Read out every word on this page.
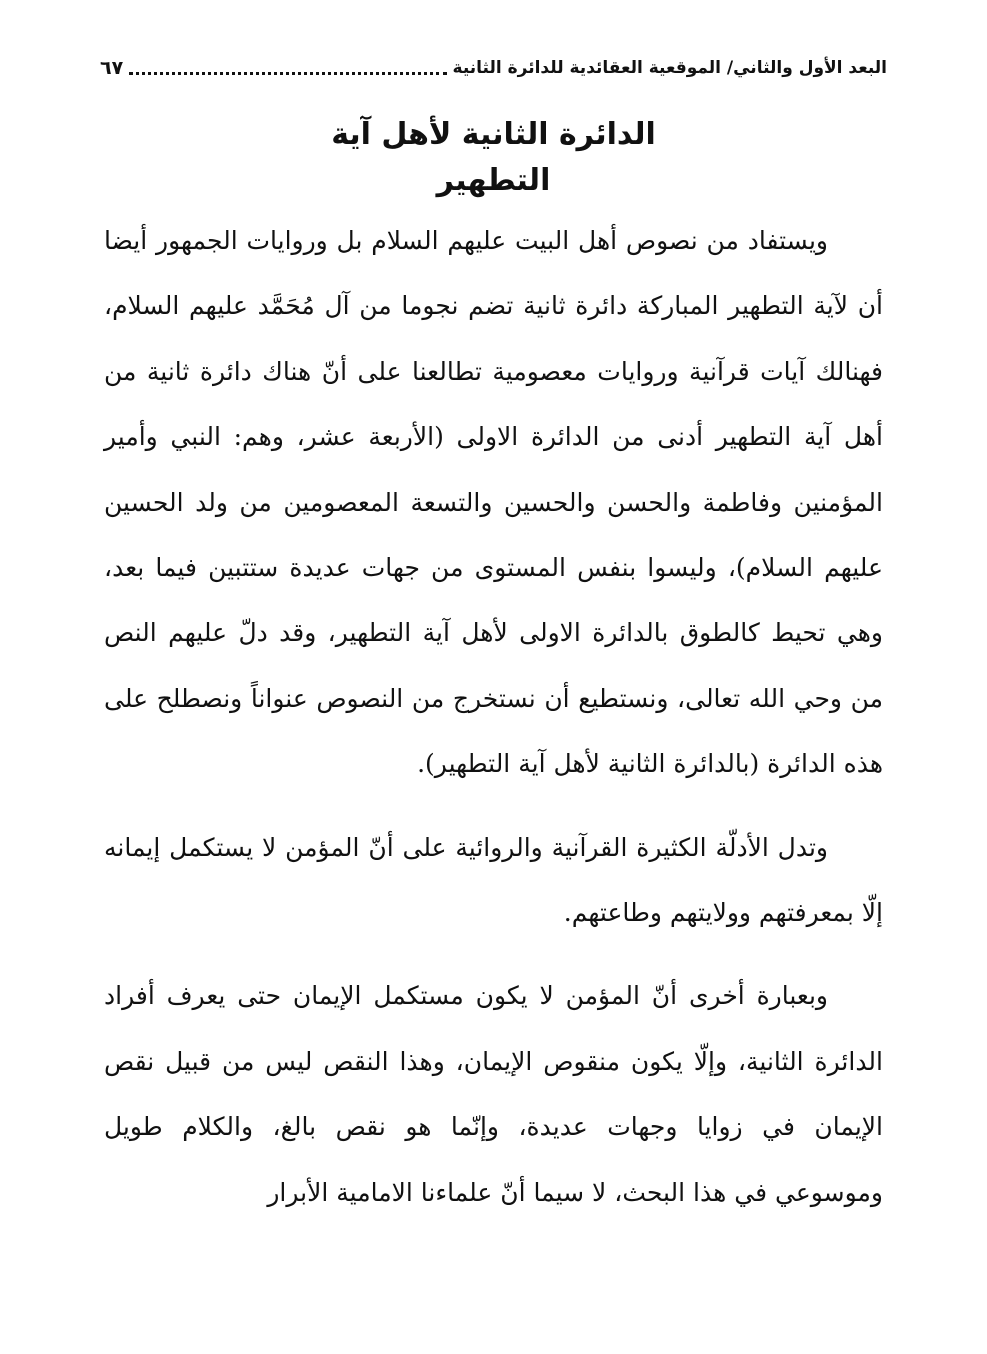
البعد الأول والثاني/ الموقعية العقائدية للدائرة الثانية
٦٧
الدائرة الثانية لأهل آية
التطهير

ويستفاد من نصوص أهل البيت عليهم السلام بل وروايات الجمهور أيضا أن لآية التطهير المباركة دائرة ثانية تضم نجوما من آل مُحَمَّد عليهم السلام، فهنالك آيات قرآنية وروايات معصومية تطالعنا على أنّ هناك دائرة ثانية من أهل آية التطهير أدنى من الدائرة الاولى (الأربعة عشر، وهم: النبي وأمير المؤمنين وفاطمة والحسن والحسين والتسعة المعصومين من ولد الحسين عليهم السلام)، وليسوا بنفس المستوى من جهات عديدة ستتبين فيما بعد، وهي تحيط كالطوق بالدائرة الاولى لأهل آية التطهير، وقد دلّ عليهم النص من وحي الله تعالى، ونستطيع أن نستخرج من النصوص عنواناً ونصطلح على هذه الدائرة (بالدائرة الثانية لأهل آية التطهير).

وتدل الأدلّة الكثيرة القرآنية والروائية على أنّ المؤمن لا يستكمل إيمانه إلّا بمعرفتهم وولايتهم وطاعتهم.

وبعبارة أخرى أنّ المؤمن لا يكون مستكمل الإيمان حتى يعرف أفراد الدائرة الثانية، وإلّا يكون منقوص الإيمان، وهذا النقص ليس من قبيل نقص الإيمان في زوايا وجهات عديدة، وإنّما هو نقص بالغ، والكلام طويل وموسوعي في هذا البحث، لا سيما أنّ علماءنا الامامية الأبرار
